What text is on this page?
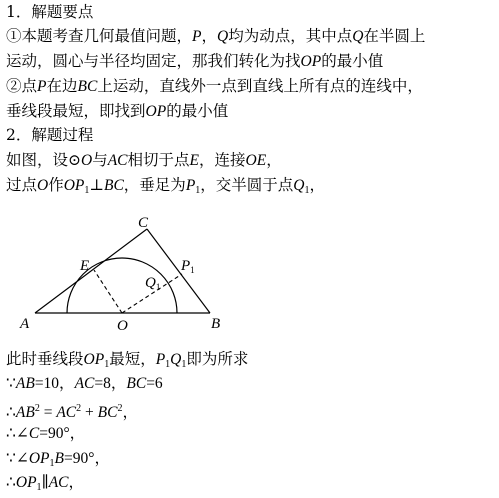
1．解题要点
①本题考查几何最值问题，P，Q均为动点，其中点Q在半圆上
运动，圆心与半径均固定，那我们转化为找OP的最小值
②点P在边BC上运动，直线外一点到直线上所有点的连线中，
垂线段最短，即找到OP的最小值
2．解题过程
如图，设⊙O与AC相切于点E，连接OE，
过点O作$OP_1\perp BC$，垂足为$P_1$，交半圆于点$Q_1$，
A	B
C
O
E	$P_1$
$Q_1$
此时垂线段$OP_1$最短，$P_1Q_1$即为所求
∵AB=10，AC=8，BC=6
$\therefore AB^2 = AC^2 + BC^2$，
∴∠C=90°，
$\because\angle OP_1B=90^\circ$，
$\therefore OP_1\parallel AC$，
